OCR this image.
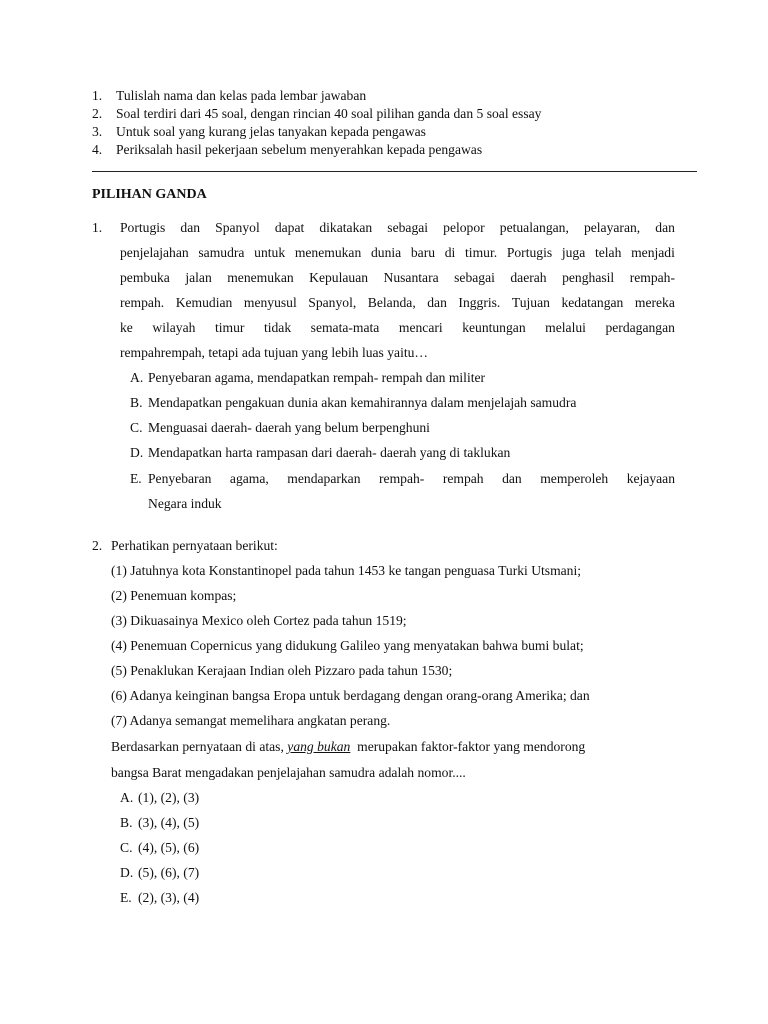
1. Tulislah nama dan kelas pada lembar jawaban
2. Soal terdiri dari 45 soal, dengan rincian 40 soal pilihan ganda dan 5 soal essay
3. Untuk soal yang kurang jelas tanyakan kepada pengawas
4. Periksalah hasil pekerjaan sebelum menyerahkan kepada pengawas
PILIHAN GANDA
1. Portugis dan Spanyol dapat dikatakan sebagai pelopor petualangan, pelayaran, dan
penjelajahan samudra untuk menemukan dunia baru di timur. Portugis juga telah menjadi
pembuka jalan menemukan Kepulauan Nusantara sebagai daerah penghasil rempah-
rempah. Kemudian menyusul Spanyol, Belanda, dan Inggris. Tujuan kedatangan mereka
ke wilayah timur tidak semata-mata mencari keuntungan melalui perdagangan
rempahrempah, tetapi ada tujuan yang lebih luas yaitu…
A. Penyebaran agama, mendapatkan rempah- rempah dan militer
B. Mendapatkan pengakuan dunia akan kemahirannya dalam menjelajah samudra
C. Menguasai daerah- daerah yang belum berpenghuni
D. Mendapatkan harta rampasan dari daerah- daerah yang di taklukan
E. Penyebaran agama, mendaparkan rempah- rempah dan memperoleh kejayaan
Negara induk
2. Perhatikan pernyataan berikut:
(1) Jatuhnya kota Konstantinopel pada tahun 1453 ke tangan penguasa Turki Utsmani;
(2) Penemuan kompas;
(3) Dikuasainya Mexico oleh Cortez pada tahun 1519;
(4) Penemuan Copernicus yang didukung Galileo yang menyatakan bahwa bumi bulat;
(5) Penaklukan Kerajaan Indian oleh Pizzaro pada tahun 1530;
(6) Adanya keinginan bangsa Eropa untuk berdagang dengan orang-orang Amerika; dan
(7) Adanya semangat memelihara angkatan perang.
Berdasarkan pernyataan di atas, yang bukan merupakan faktor-faktor yang mendorong
bangsa Barat mengadakan penjelajahan samudra adalah nomor....
A. (1), (2), (3)
B. (3), (4), (5)
C. (4), (5), (6)
D. (5), (6), (7)
E. (2), (3), (4)
